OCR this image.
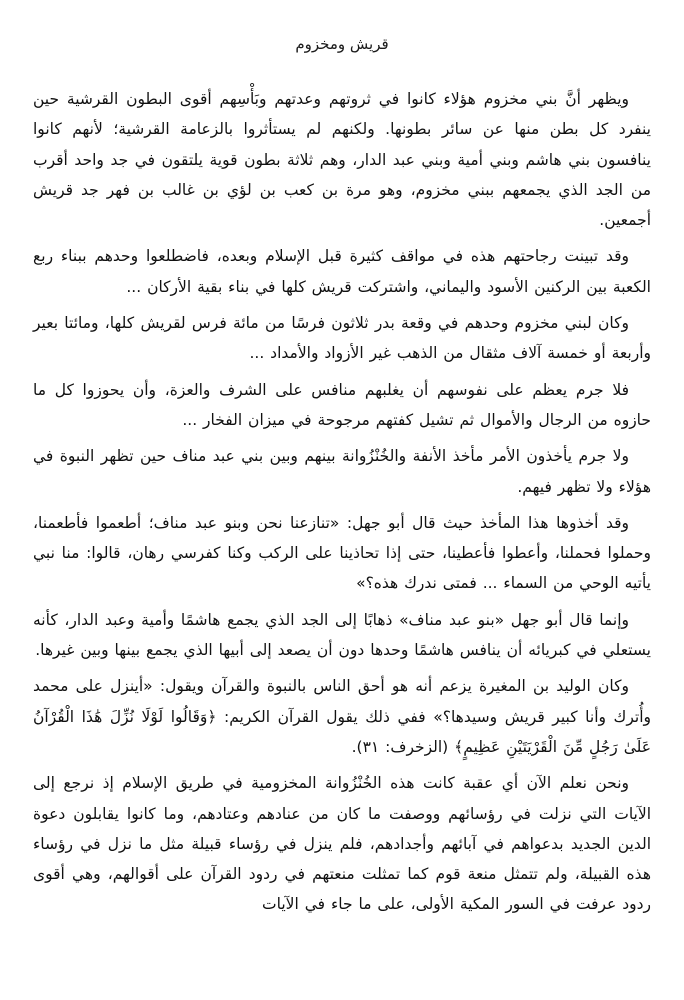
قريش ومخزوم

ويظهر أنَّ بني مخزوم هؤلاء كانوا في ثروتهم وعدتهم وبَأْسِهم أقوى البطون القرشية حين ينفرد كل بطن منها عن سائر بطونها. ولكنهم لم يستأثروا بالزعامة القرشية؛ لأنهم كانوا ينافسون بني هاشم وبني أمية وبني عبد الدار، وهم ثلاثة بطون قوية يلتقون في جد واحد أقرب من الجد الذي يجمعهم ببني مخزوم، وهو مرة بن كعب بن لؤي بن غالب بن فهر جد قريش أجمعين.

وقد تبينت رجاحتهم هذه في مواقف كثيرة قبل الإسلام وبعده، فاضطلعوا وحدهم ببناء ربع الكعبة بين الركنين الأسود واليماني، واشتركت قريش كلها في بناء بقية الأركان ...

وكان لبني مخزوم وحدهم في وقعة بدر ثلاثون فرسًا من مائة فرس لقريش كلها، ومائتا بعير وأربعة أو خمسة آلاف مثقال من الذهب غير الأزواد والأمداد ...

فلا جرم يعظم على نفوسهم أن يغلبهم منافس على الشرف والعزة، وأن يحوزوا كل ما حازوه من الرجال والأموال ثم تشيل كفتهم مرجوحة في ميزان الفخار ...

ولا جرم يأخذون الأمر مأخذ الأنفة والخُنْزُوانة بينهم وبين بني عبد مناف حين تظهر النبوة في هؤلاء ولا تظهر فيهم.

وقد أخذوها هذا المأخذ حيث قال أبو جهل: «تنازعنا نحن وبنو عبد مناف؛ أطعموا فأطعمنا، وحملوا فحملنا، وأعطوا فأعطينا، حتى إذا تحاذينا على الركب وكنا كفرسي رهان، قالوا: منا نبي يأتيه الوحي من السماء ... فمتى ندرك هذه؟»

وإنما قال أبو جهل «بنو عبد مناف» ذهابًا إلى الجد الذي يجمع هاشمًا وأمية وعبد الدار، كأنه يستعلي في كبريائه أن ينافس هاشمًا وحدها دون أن يصعد إلى أبيها الذي يجمع بينها وبين غيرها.

وكان الوليد بن المغيرة يزعم أنه هو أحق الناس بالنبوة والقرآن ويقول: «أينزل على محمد وأُترك وأنا كبير قريش وسيدها؟» ففي ذلك يقول القرآن الكريم: ﴿وَقَالُوا لَوْلَا نُزِّلَ هَٰذَا الْقُرْآنُ عَلَىٰ رَجُلٍ مِّنَ الْقَرْيَتَيْنِ عَظِيمٍ﴾ (الزخرف: ٣١).

ونحن نعلم الآن أي عقبة كانت هذه الخُنْزُوانة المخزومية في طريق الإسلام إذ نرجع إلى الآيات التي نزلت في رؤسائهم ووصفت ما كان من عنادهم وعتادهم، وما كانوا يقابلون دعوة الدين الجديد بدعواهم في آبائهم وأجدادهم، فلم ينزل في رؤساء قبيلة مثل ما نزل في رؤساء هذه القبيلة، ولم تتمثل منعة قوم كما تمثلت منعتهم في ردود القرآن على أقوالهم، وهي أقوى ردود عرفت في السور المكية الأولى، على ما جاء في الآيات
